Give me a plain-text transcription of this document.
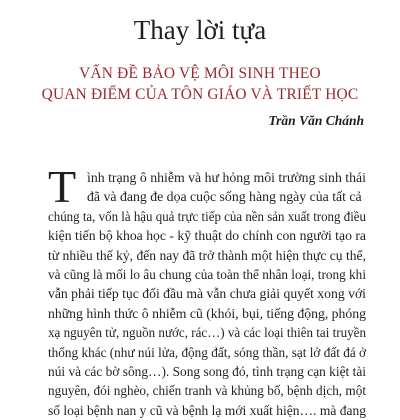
Thay lời tựa
VẤN ĐỀ BẢO VỆ MÔI SINH THEO
QUAN ĐIỂM CỦA TÔN GIÁO VÀ TRIẾT HỌC
Trần Văn Chánh
T ình trạng ô nhiễm và hư hỏng môi trường sinh thái
đã và đang đe dọa cuộc sống hàng ngày của tất cả
chúng ta, vốn là hậu quả trực tiếp của nền sản xuất trong điều
kiện tiến bộ khoa học - kỹ thuật do chính con người tạo ra
từ nhiều thế kỷ, đến nay đã trở thành một hiện thực cụ thể,
và cũng là mối lo âu chung của toàn thể nhân loại, trong khi
vẫn phải tiếp tục đối đầu mà vẫn chưa giải quyết xong với
những hình thức ô nhiễm cũ (khói, bụi, tiếng động, phóng
xạ nguyên tử, nguồn nước, rác…) và các loại thiên tai truyền
thống khác (như núi lửa, động đất, sóng thần, sạt lở đất đá ở
núi và các bờ sông…). Song song đó, tình trạng cạn kiệt tài
nguyên, đói nghèo, chiến tranh và khủng bố, bệnh dịch, một
số loại bệnh nan y cũ và bệnh lạ mới xuất hiện…. mà đang
